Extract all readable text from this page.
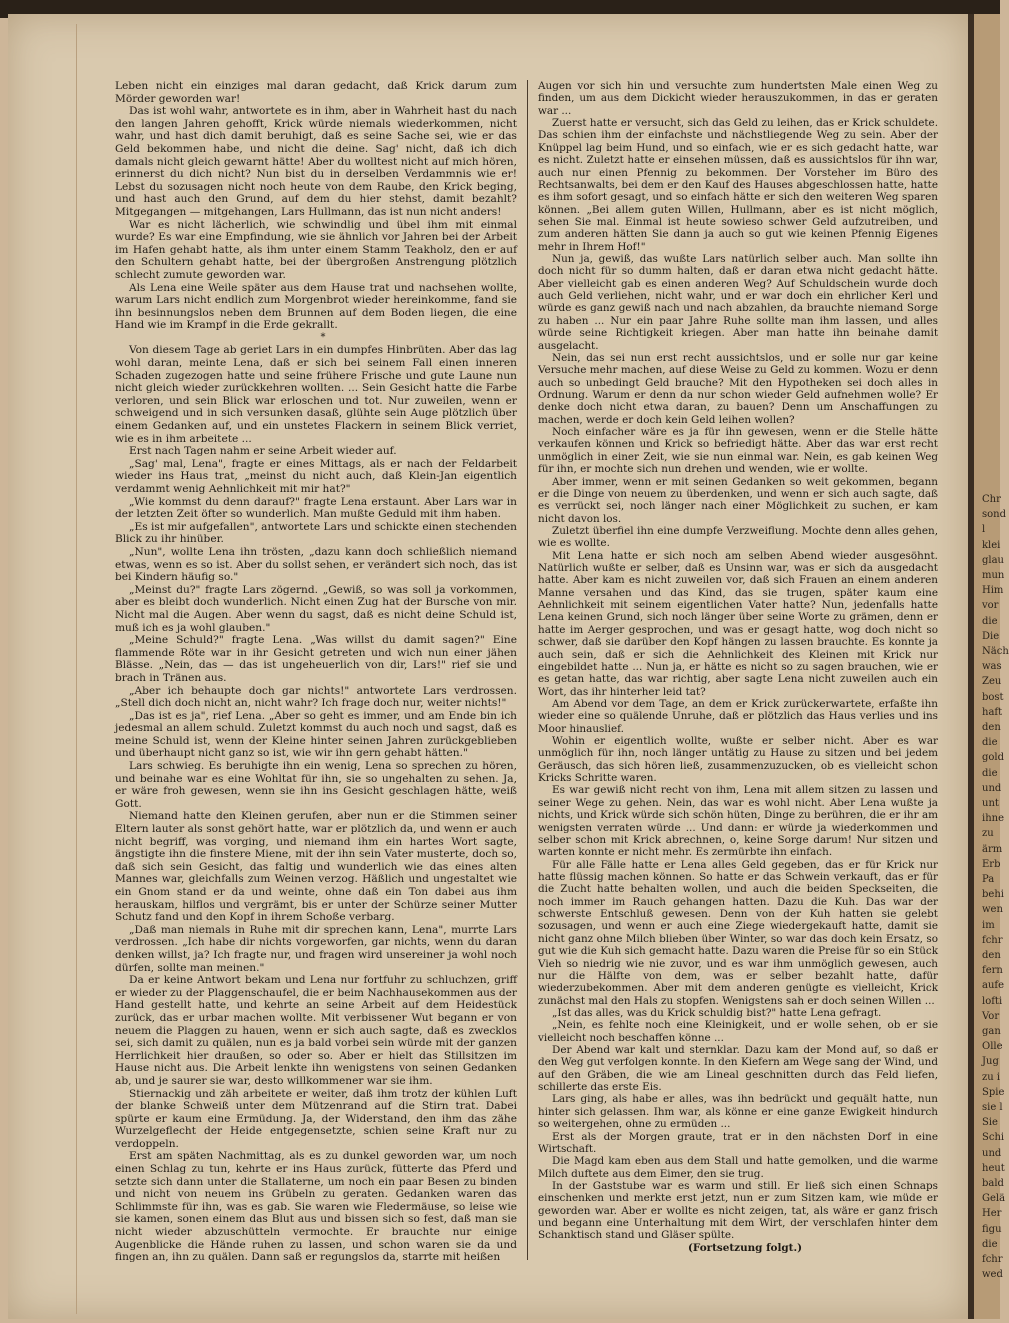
Leben nicht ein einziges mal daran gedacht, daß Krick darum zum Mörder geworden war!

Das ist wohl wahr, antwortete es in ihm, aber in Wahrheit hast du nach den langen Jahren gehofft, Krick würde niemals wiederkommen, nicht wahr, und hast dich damit beruhigt, daß es seine Sache sei, wie er das Geld bekommen habe, und nicht die deine. Sag' nicht, daß ich dich damals nicht gleich gewarnt hätte! Aber du wolltest nicht auf mich hören, erinnerst du dich nicht? Nun bist du in derselben Verdammnis wie er! Lebst du sozusagen nicht noch heute von dem Raube, den Krick beging, und hast auch den Grund, auf dem du hier stehst, damit bezahlt? Mitgegangen — mitgehangen, Lars Hullmann, das ist nun nicht anders!

War es nicht lächerlich, wie schwindlig und übel ihm mit einmal wurde? Es war eine Empfindung, wie sie ähnlich vor Jahren bei der Arbeit im Hafen gehabt hatte, als ihm unter einem Stamm Teakholz, den er auf den Schultern gehabt hatte, bei der übergroßen Anstrengung plötzlich schlecht zumute geworden war.

Als Lena eine Weile später aus dem Hause trat und nachsehen wollte, warum Lars nicht endlich zum Morgenbrot wieder hereinkomme, fand sie ihn besinnungslos neben dem Brunnen auf dem Boden liegen, die eine Hand wie im Krampf in die Erde gekrallt.

*

Von diesem Tage ab geriet Lars in ein dumpfes Hinbrüten. Aber das lag wohl daran, meinte Lena, daß er sich bei seinem Fall einen inneren Schaden zugezogen hatte und seine frühere Frische und gute Laune nun nicht gleich wieder zurückkehren wollten. ... Sein Gesicht hatte die Farbe verloren, und sein Blick war erloschen und tot. Nur zuweilen, wenn er schweigend und in sich versunken dasaß, glühte sein Auge plötzlich über einem Gedanken auf, und ein unstetes Flackern in seinem Blick verriet, wie es in ihm arbeitete ...

Erst nach Tagen nahm er seine Arbeit wieder auf.

„Sag' mal, Lena", fragte er eines Mittags, als er nach der Feldarbeit wieder ins Haus trat, „meinst du nicht auch, daß Klein-Jan eigentlich verdammt wenig Aehnlichkeit mit mir hat?"

„Wie kommst du denn darauf?" fragte Lena erstaunt. Aber Lars war in der letzten Zeit öfter so wunderlich. Man mußte Geduld mit ihm haben.

„Es ist mir aufgefallen", antwortete Lars und schickte einen stechenden Blick zu ihr hinüber.

„Nun", wollte Lena ihn trösten, „dazu kann doch schließlich niemand etwas, wenn es so ist. Aber du sollst sehen, er verändert sich noch, das ist bei Kindern häufig so."

„Meinst du?" fragte Lars zögernd. „Gewiß, so was soll ja vorkommen, aber es bleibt doch wunderlich. Nicht einen Zug hat der Bursche von mir. Nicht mal die Augen. Aber wenn du sagst, daß es nicht deine Schuld ist, muß ich es ja wohl glauben."

„Meine Schuld?" fragte Lena. „Was willst du damit sagen?" Eine flammende Röte war in ihr Gesicht getreten und wich nun einer jähen Blässe. „Nein, das — das ist ungeheuerlich von dir, Lars!" rief sie und brach in Tränen aus.

„Aber ich behaupte doch gar nichts!" antwortete Lars verdrossen. „Stell dich doch nicht an, nicht wahr? Ich frage doch nur, weiter nichts!"

„Das ist es ja", rief Lena. „Aber so geht es immer, und am Ende bin ich jedesmal an allem schuld. Zuletzt kommst du auch noch und sagst, daß es meine Schuld ist, wenn der Kleine hinter seinen Jahren zurückgeblieben und überhaupt nicht ganz so ist, wie wir ihn gern gehabt hätten."

Lars schwieg. Es beruhigte ihn ein wenig, Lena so sprechen zu hören, und beinahe war es eine Wohltat für ihn, sie so ungehalten zu sehen. Ja, er wäre froh gewesen, wenn sie ihn ins Gesicht geschlagen hätte, weiß Gott.

Niemand hatte den Kleinen gerufen, aber nun er die Stimmen seiner Eltern lauter als sonst gehört hatte, war er plötzlich da, und wenn er auch nicht begriff, was vorging, und niemand ihm ein hartes Wort sagte, ängstigte ihn die finstere Miene, mit der ihn sein Vater musterte, doch so, daß sich sein Gesicht, das faltig und wunderlich wie das eines alten Mannes war, gleichfalls zum Weinen verzog. Häßlich und ungestaltet wie ein Gnom stand er da und weinte, ohne daß ein Ton dabei aus ihm herauskam, hilflos und vergrämt, bis er unter der Schürze seiner Mutter Schutz fand und den Kopf in ihrem Schoße verbarg.

„Daß man niemals in Ruhe mit dir sprechen kann, Lena", murrte Lars verdrossen. „Ich habe dir nichts vorgeworfen, gar nichts, wenn du daran denken willst, ja? Ich fragte nur, und fragen wird unsereiner ja wohl noch dürfen, sollte man meinen."

Da er keine Antwort bekam und Lena nur fortfuhr zu schluchzen, griff er wieder zu der Plaggenschaufel, die er beim Nachhausekommen aus der Hand gestellt hatte, und kehrte an seine Arbeit auf dem Heidestück zurück, das er urbar machen wollte. Mit verbissener Wut begann er von neuem die Plaggen zu hauen, wenn er sich auch sagte, daß es zwecklos sei, sich damit zu quälen, nun es ja bald vorbei sein würde mit der ganzen Herrlichkeit hier draußen, so oder so. Aber er hielt das Stillsitzen im Hause nicht aus. Die Arbeit lenkte ihn wenigstens von seinen Gedanken ab, und je saurer sie war, desto willkommener war sie ihm.

Stiernackig und zäh arbeitete er weiter, daß ihm trotz der kühlen Luft der blanke Schweiß unter dem Mützenrand auf die Stirn trat. Dabei spürte er kaum eine Ermüdung. Ja, der Widerstand, den ihm das zähe Wurzelgeflecht der Heide entgegensetzte, schien seine Kraft nur zu verdoppeln.

Erst am späten Nachmittag, als es zu dunkel geworden war, um noch einen Schlag zu tun, kehrte er ins Haus zurück, fütterte das Pferd und setzte sich dann unter die Stallaterne, um noch ein paar Besen zu binden und nicht von neuem ins Grübeln zu geraten. Gedanken waren das Schlimmste für ihn, was es gab. Sie waren wie Fledermäuse, so leise wie sie kamen, sonen einem das Blut aus und bissen sich so fest, daß man sie nicht wieder abzuschütteln vermochte. Er brauchte nur einige Augenblicke die Hände ruhen zu lassen, und schon waren sie da und fingen an, ihn zu quälen. Dann saß er regungslos da, starrte mit heißen

Augen vor sich hin und versuchte zum hundertsten Male einen Weg zu finden, um aus dem Dickicht wieder herauszukommen, in das er geraten war ...

Zuerst hatte er versucht, sich das Geld zu leihen, das er Krick schuldete. Das schien ihm der einfachste und nächstliegende Weg zu sein. Aber der Knüppel lag beim Hund, und so einfach, wie er es sich gedacht hatte, war es nicht. Zuletzt hatte er einsehen müssen, daß es aussichtslos für ihn war, auch nur einen Pfennig zu bekommen. Der Vorsteher im Büro des Rechtsanwalts, bei dem er den Kauf des Hauses abgeschlossen hatte, hatte es ihm sofort gesagt, und so einfach hätte er sich den weiteren Weg sparen können. „Bei allem guten Willen, Hullmann, aber es ist nicht möglich, sehen Sie mal. Einmal ist heute sowieso schwer Geld aufzutreiben, und zum anderen hätten Sie dann ja auch so gut wie keinen Pfennig Eigenes mehr in Ihrem Hof!"

Nun ja, gewiß, das wußte Lars natürlich selber auch. Man sollte ihn doch nicht für so dumm halten, daß er daran etwa nicht gedacht hätte. Aber vielleicht gab es einen anderen Weg? Auf Schuldschein wurde doch auch Geld verliehen, nicht wahr, und er war doch ein ehrlicher Kerl und würde es ganz gewiß nach und nach abzahlen, da brauchte niemand Sorge zu haben ... Nur ein paar Jahre Ruhe sollte man ihm lassen, und alles würde seine Richtigkeit kriegen. Aber man hatte ihn beinahe damit ausgelacht.

Nein, das sei nun erst recht aussichtslos, und er solle nur gar keine Versuche mehr machen, auf diese Weise zu Geld zu kommen. Wozu er denn auch so unbedingt Geld brauche? Mit den Hypotheken sei doch alles in Ordnung. Warum er denn da nur schon wieder Geld aufnehmen wolle? Er denke doch nicht etwa daran, zu bauen? Denn um Anschaffungen zu machen, werde er doch kein Geld leihen wollen?

Noch einfacher wäre es ja für ihn gewesen, wenn er die Stelle hätte verkaufen können und Krick so befriedigt hätte. Aber das war erst recht unmöglich in einer Zeit, wie sie nun einmal war. Nein, es gab keinen Weg für ihn, er mochte sich nun drehen und wenden, wie er wollte.

Aber immer, wenn er mit seinen Gedanken so weit gekommen, begann er die Dinge von neuem zu überdenken, und wenn er sich auch sagte, daß es verrückt sei, noch länger nach einer Möglichkeit zu suchen, er kam nicht davon los.

Zuletzt überfiel ihn eine dumpfe Verzweiflung. Mochte denn alles gehen, wie es wollte.

Mit Lena hatte er sich noch am selben Abend wieder ausgesöhnt. Natürlich wußte er selber, daß es Unsinn war, was er sich da ausgedacht hatte. Aber kam es nicht zuweilen vor, daß sich Frauen an einem anderen Manne versahen und das Kind, das sie trugen, später kaum eine Aehnlichkeit mit seinem eigentlichen Vater hatte? Nun, jedenfalls hatte Lena keinen Grund, sich noch länger über seine Worte zu grämen, denn er hatte im Aerger gesprochen, und was er gesagt hatte, wog doch nicht so schwer, daß sie darüber den Kopf hängen zu lassen brauchte. Es konnte ja auch sein, daß er sich die Aehnlichkeit des Kleinen mit Krick nur eingebildet hatte ... Nun ja, er hätte es nicht so zu sagen brauchen, wie er es getan hatte, das war richtig, aber sagte Lena nicht zuweilen auch ein Wort, das ihr hinterher leid tat?

Am Abend vor dem Tage, an dem er Krick zurückerwartete, erfaßte ihn wieder eine so quälende Unruhe, daß er plötzlich das Haus verlies und ins Moor hinauslief.

Wohin er eigentlich wollte, wußte er selber nicht. Aber es war unmöglich für ihn, noch länger untätig zu Hause zu sitzen und bei jedem Geräusch, das sich hören ließ, zusammenzuzucken, ob es vielleicht schon Kricks Schritte waren.

Es war gewiß nicht recht von ihm, Lena mit allem sitzen zu lassen und seiner Wege zu gehen. Nein, das war es wohl nicht. Aber Lena wußte ja nichts, und Krick würde sich schön hüten, Dinge zu berühren, die er ihr am wenigsten verraten würde ... Und dann: er würde ja wiederkommen und selber schon mit Krick abrechnen, o, keine Sorge darum! Nur sitzen und warten konnte er nicht mehr. Es zermürbte ihn einfach.

Für alle Fälle hatte er Lena alles Geld gegeben, das er für Krick nur hatte flüssig machen können. So hatte er das Schwein verkauft, das er für die Zucht hatte behalten wollen, und auch die beiden Speckseiten, die noch immer im Rauch gehangen hatten. Dazu die Kuh. Das war der schwerste Entschluß gewesen. Denn von der Kuh hatten sie gelebt sozusagen, und wenn er auch eine Ziege wiedergekauft hatte, damit sie nicht ganz ohne Milch blieben über Winter, so war das doch kein Ersatz, so gut wie die Kuh sich gemacht hatte. Dazu waren die Preise für so ein Stück Vieh so niedrig wie nie zuvor, und es war ihm unmöglich gewesen, auch nur die Hälfte von dem, was er selber bezahlt hatte, dafür wiederzubekommen. Aber mit dem anderen genügte es vielleicht, Krick zunächst mal den Hals zu stopfen. Wenigstens sah er doch seinen Willen ...

„Ist das alles, was du Krick schuldig bist?" hatte Lena gefragt.

„Nein, es fehlte noch eine Kleinigkeit, und er wolle sehen, ob er sie vielleicht noch beschaffen könne ...

Der Abend war kalt und sternklar. Dazu kam der Mond auf, so daß er den Weg gut verfolgen konnte. In den Kiefern am Wege sang der Wind, und auf den Gräben, die wie am Lineal geschnitten durch das Feld liefen, schillerte das erste Eis.

Lars ging, als habe er alles, was ihn bedrückt und gequält hatte, nun hinter sich gelassen. Ihm war, als könne er eine ganze Ewigkeit hindurch so weitergehen, ohne zu ermüden ...

Erst als der Morgen graute, trat er in den nächsten Dorf in eine Wirtschaft.

Die Magd kam eben aus dem Stall und hatte gemolken, und die warme Milch duftete aus dem Eimer, den sie trug.

In der Gaststube war es warm und still. Er ließ sich einen Schnaps einschenken und merkte erst jetzt, nun er zum Sitzen kam, wie müde er geworden war. Aber er wollte es nicht zeigen, tat, als wäre er ganz frisch und begann eine Unterhaltung mit dem Wirt, der verschlafen hinter dem Schanktisch stand und Gläser spülte.

(Fortsetzung folgt.)

Chr
sond
l
klei
glau
mun
Him
vor
die
Die
Näch
was
Zeu
bost
haft
den
die
gold
die
und
unt
ihne
zu
ärm
Erb
Pa
behi
wen
im
fchr
den
fern
aufe
lofti
Vor
gan
Olle
Jug
zu i
Spie
sie l
Sie
Schi
und
heut
bald
Gelä
Her
figu
die
fchr
wed
